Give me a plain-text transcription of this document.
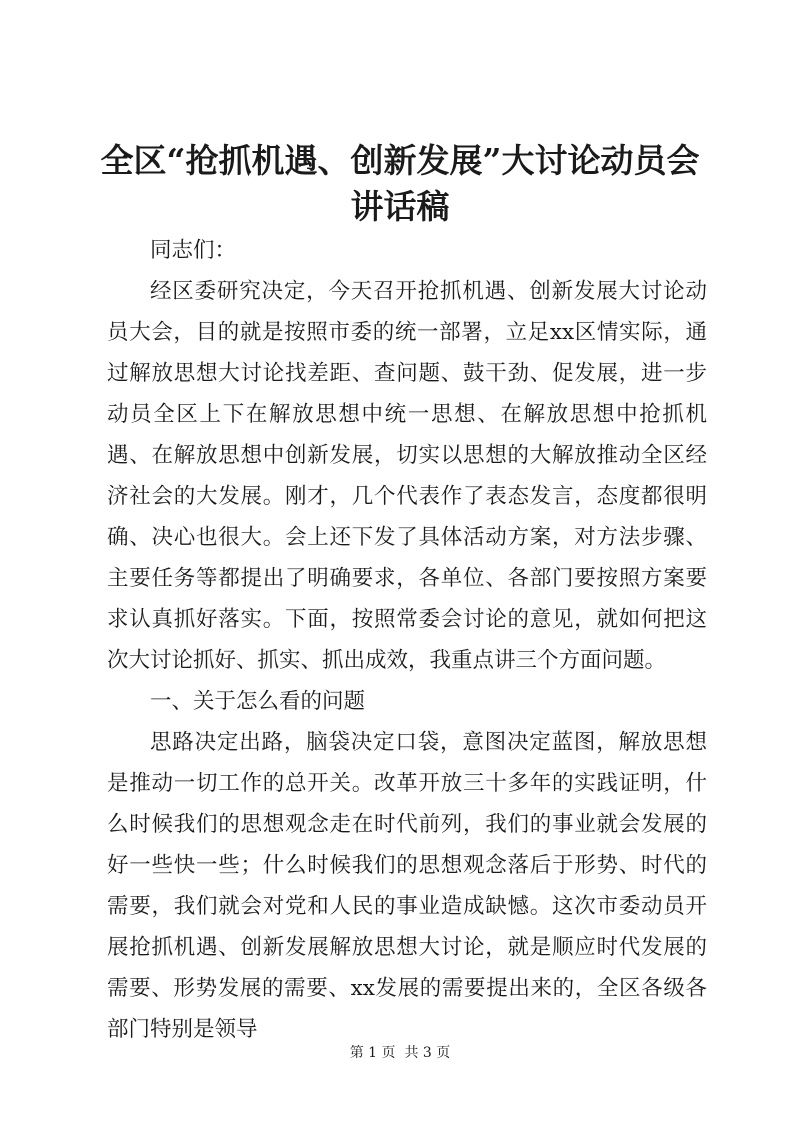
全区“抢抓机遇、创新发展”大讨论动员会讲话稿

同志们：

经区委研究决定，今天召开抢抓机遇、创新发展大讨论动员大会，目的就是按照市委的统一部署，立足xx区情实际，通过解放思想大讨论找差距、查问题、鼓干劲、促发展，进一步动员全区上下在解放思想中统一思想、在解放思想中抢抓机遇、在解放思想中创新发展，切实以思想的大解放推动全区经济社会的大发展。刚才，几个代表作了表态发言，态度都很明确、决心也很大。会上还下发了具体活动方案，对方法步骤、主要任务等都提出了明确要求，各单位、各部门要按照方案要求认真抓好落实。下面，按照常委会讨论的意见，就如何把这次大讨论抓好、抓实、抓出成效，我重点讲三个方面问题。

一、关于怎么看的问题

思路决定出路，脑袋决定口袋，意图决定蓝图，解放思想是推动一切工作的总开关。改革开放三十多年的实践证明，什么时候我们的思想观念走在时代前列，我们的事业就会发展的好一些快一些；什么时候我们的思想观念落后于形势、时代的需要，我们就会对党和人民的事业造成缺憾。这次市委动员开展抢抓机遇、创新发展解放思想大讨论，就是顺应时代发展的需要、形势发展的需要、xx发展的需要提出来的，全区各级各部门特别是领导

第 1 页  共 3 页
